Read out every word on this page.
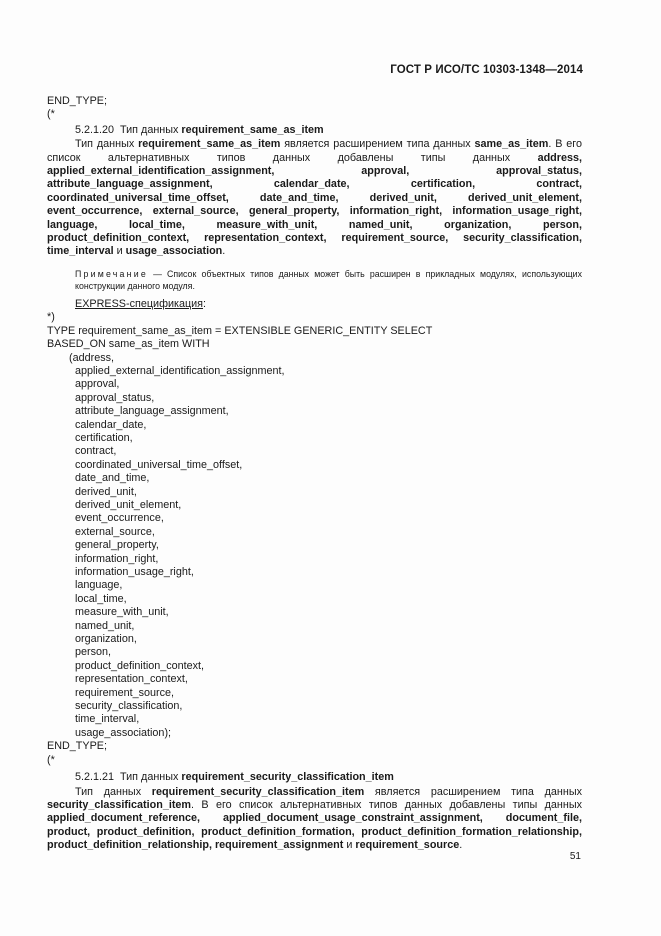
ГОСТ Р ИСО/ТС 10303-1348—2014
END_TYPE;
(*
5.2.1.20 Тип данных requirement_same_as_item

Тип данных requirement_same_as_item является расширением типа данных same_as_item. В его список альтернативных типов данных добавлены типы данных address, applied_external_identification_assignment, approval, approval_status, attribute_language_assignment, calendar_date, certification, contract, coordinated_universal_time_offset, date_and_time, derived_unit, derived_unit_element, event_occurrence, external_source, general_property, information_right, information_usage_right, language, local_time, measure_with_unit, named_unit, organization, person, product_definition_context, representation_context, requirement_source, security_classification, time_interval и usage_association.

Примечание — Список объектных типов данных может быть расширен в прикладных модулях, использующих конструкции данного модуля.

EXPRESS-спецификация:
*)
TYPE requirement_same_as_item = EXTENSIBLE GENERIC_ENTITY SELECT
BASED_ON same_as_item WITH
(address,
applied_external_identification_assignment,
approval,
approval_status,
attribute_language_assignment,
calendar_date,
certification,
contract,
coordinated_universal_time_offset,
date_and_time,
derived_unit,
derived_unit_element,
event_occurrence,
external_source,
general_property,
information_right,
information_usage_right,
language,
local_time,
measure_with_unit,
named_unit,
organization,
person,
product_definition_context,
representation_context,
requirement_source,
security_classification,
time_interval,
usage_association);
END_TYPE;
(*
5.2.1.21 Тип данных requirement_security_classification_item

Тип данных requirement_security_classification_item является расширением типа данных security_classification_item. В его список альтернативных типов данных добавлены типы данных applied_document_reference, applied_document_usage_constraint_assignment, document_file, product, product_definition, product_definition_formation, product_definition_formation_relationship, product_definition_relationship, requirement_assignment и requirement_source.

51
